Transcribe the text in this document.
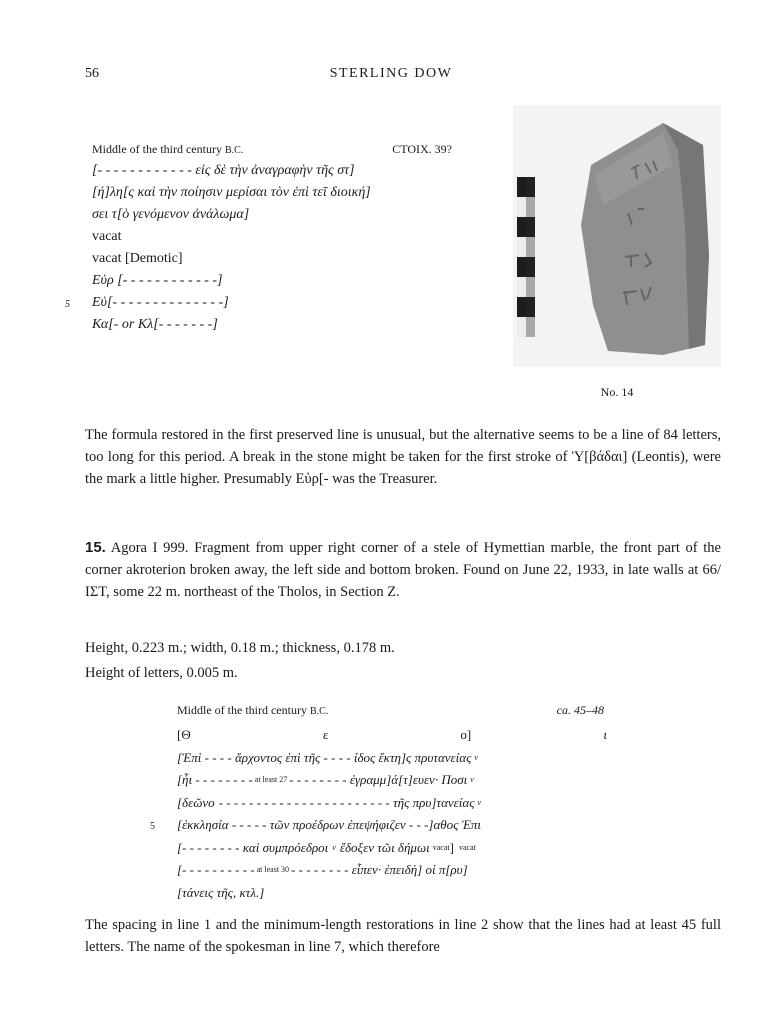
56	STERLING DOW
Middle of the third century B.C.	CTOIX. 39?
[- - - - - - - - - - - - εἰς δὲ τὴν ἀναγραφὴν τῆς στ]
[ή]λη[ς καὶ τὴν ποίησιν μερίσαι τὸν ἐπὶ τεῖ διοική]
σει τ[ὸ γενόμενον ἀνάλωμα]
vacat
vacat [Demotic]
Εὐρ [- - - - - - - - - - - -]
5 Εὐ[- - - - - - - - - - - - - -]
Κα[- or Κλ[- - - - - - -]
No. 14
The formula restored in the first preserved line is unusual, but the alternative seems to be a line of 84 letters, too long for this period. A break in the stone might be taken for the first stroke of Ὑ[βάδαι] (Leontis), were the mark a little higher. Presumably Εὐρ[- was the Treasurer.
15. Agora I 999. Fragment from upper right corner of a stele of Hymettian marble, the front part of the corner akroterion broken away, the left side and bottom broken. Found on June 22, 1933, in late walls at 66/ΙΣΤ, some 22 m. northeast of the Tholos, in Section Z.
Height, 0.223 m.; width, 0.18 m.; thickness, 0.178 m.
Height of letters, 0.005 m.
Middle of the third century B.C.	ca. 45–48
[Θ	ε	ο]	ι
[Ἐπὶ - - - - ἄρχοντος ἐπὶ τῆς - - - - ίδος ἕκτη]ς πρυτανείας v
[ἧι - - - - - - - - at least 27 - - - - - - - - ἐγραμμ]ά[τ]ευεν· Ποσι v
[δεῶνο - - - - - - - - - - - - - - - - - - - - - - - τῆς πρυ]τανείας v
5 [ἐκκλησία - - - - - τῶν προέδρων ἐπεψήφιζεν - - -]αθος Ἐπι
[- - - - - - - - καὶ συμπρόεδροι v ἔδοξεν τῶι δήμωι vacat ] vacat
[- - - - - - - - - - at least 30 - - - - - - - - εἶπεν· ἐπειδὴ] οἱ π[ρυ]
[τάνεις τῆς, κτλ.]
The spacing in line 1 and the minimum-length restorations in line 2 show that the lines had at least 45 full letters. The name of the spokesman in line 7, which therefore
